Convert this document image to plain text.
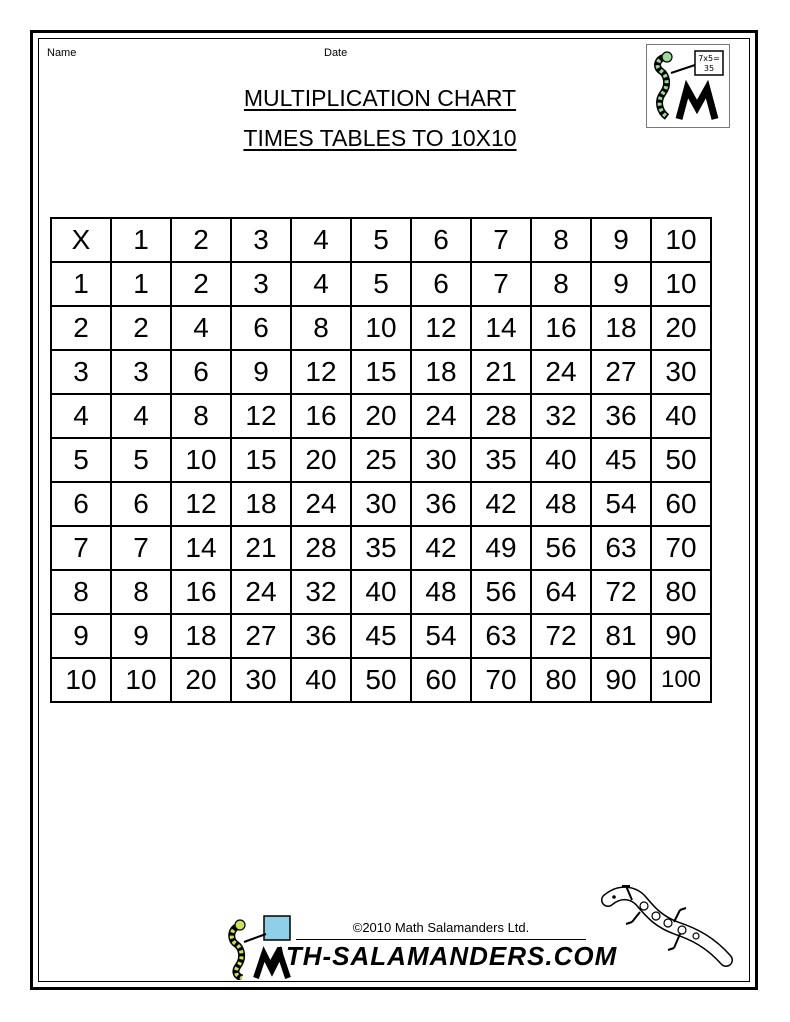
Name	Date
MULTIPLICATION CHART
TIMES TABLES TO 10X10
7x5=
35
X	1	2	3	4	5	6	7	8	9	10
1	1	2	3	4	5	6	7	8	9	10
2	2	4	6	8	10	12	14	16	18	20
3	3	6	9	12	15	18	21	24	27	30
4	4	8	12	16	20	24	28	32	36	40
5	5	10	15	20	25	30	35	40	45	50
6	6	12	18	24	30	36	42	48	54	60
7	7	14	21	28	35	42	49	56	63	70
8	8	16	24	32	40	48	56	64	72	80
9	9	18	27	36	45	54	63	72	81	90
10	10	20	30	40	50	60	70	80	90	100
©2010 Math Salamanders Ltd.
ATH-SALAMANDERS.COM
